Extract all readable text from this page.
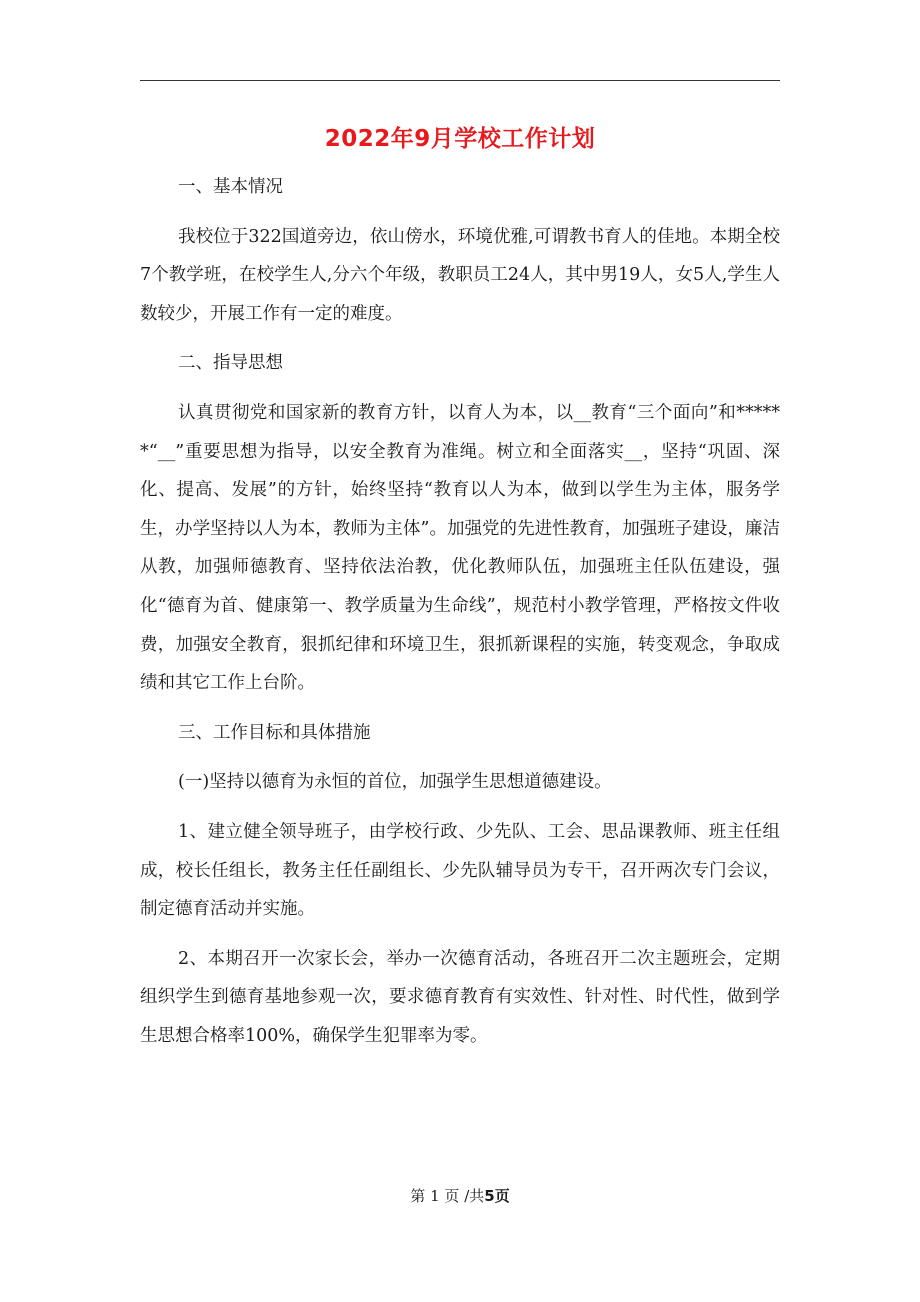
2022年9月学校工作计划

一、基本情况

我校位于322国道旁边，依山傍水，环境优雅,可谓教书育人的佳地。本期全校7个教学班，在校学生人,分六个年级，教职员工24人，其中男19人，女5人,学生人数较少，开展工作有一定的难度。

二、指导思想

认真贯彻党和国家新的教育方针，以育人为本，以__教育“三个面向”和******“__”重要思想为指导，以安全教育为准绳。树立和全面落实__，坚持“巩固、深化、提高、发展”的方针，始终坚持“教育以人为本，做到以学生为主体，服务学生，办学坚持以人为本，教师为主体”。加强党的先进性教育，加强班子建设，廉洁从教，加强师德教育、坚持依法治教，优化教师队伍，加强班主任队伍建设，强化“德育为首、健康第一、教学质量为生命线”，规范村小教学管理，严格按文件收费，加强安全教育，狠抓纪律和环境卫生，狠抓新课程的实施，转变观念，争取成绩和其它工作上台阶。

三、工作目标和具体措施

(一)坚持以德育为永恒的首位，加强学生思想道德建设。

1、建立健全领导班子，由学校行政、少先队、工会、思品课教师、班主任组成，校长任组长，教务主任任副组长、少先队辅导员为专干，召开两次专门会议，制定德育活动并实施。

2、本期召开一次家长会，举办一次德育活动，各班召开二次主题班会，定期组织学生到德育基地参观一次，要求德育教育有实效性、针对性、时代性，做到学生思想合格率100%，确保学生犯罪率为零。

第 1 页 /共5页
